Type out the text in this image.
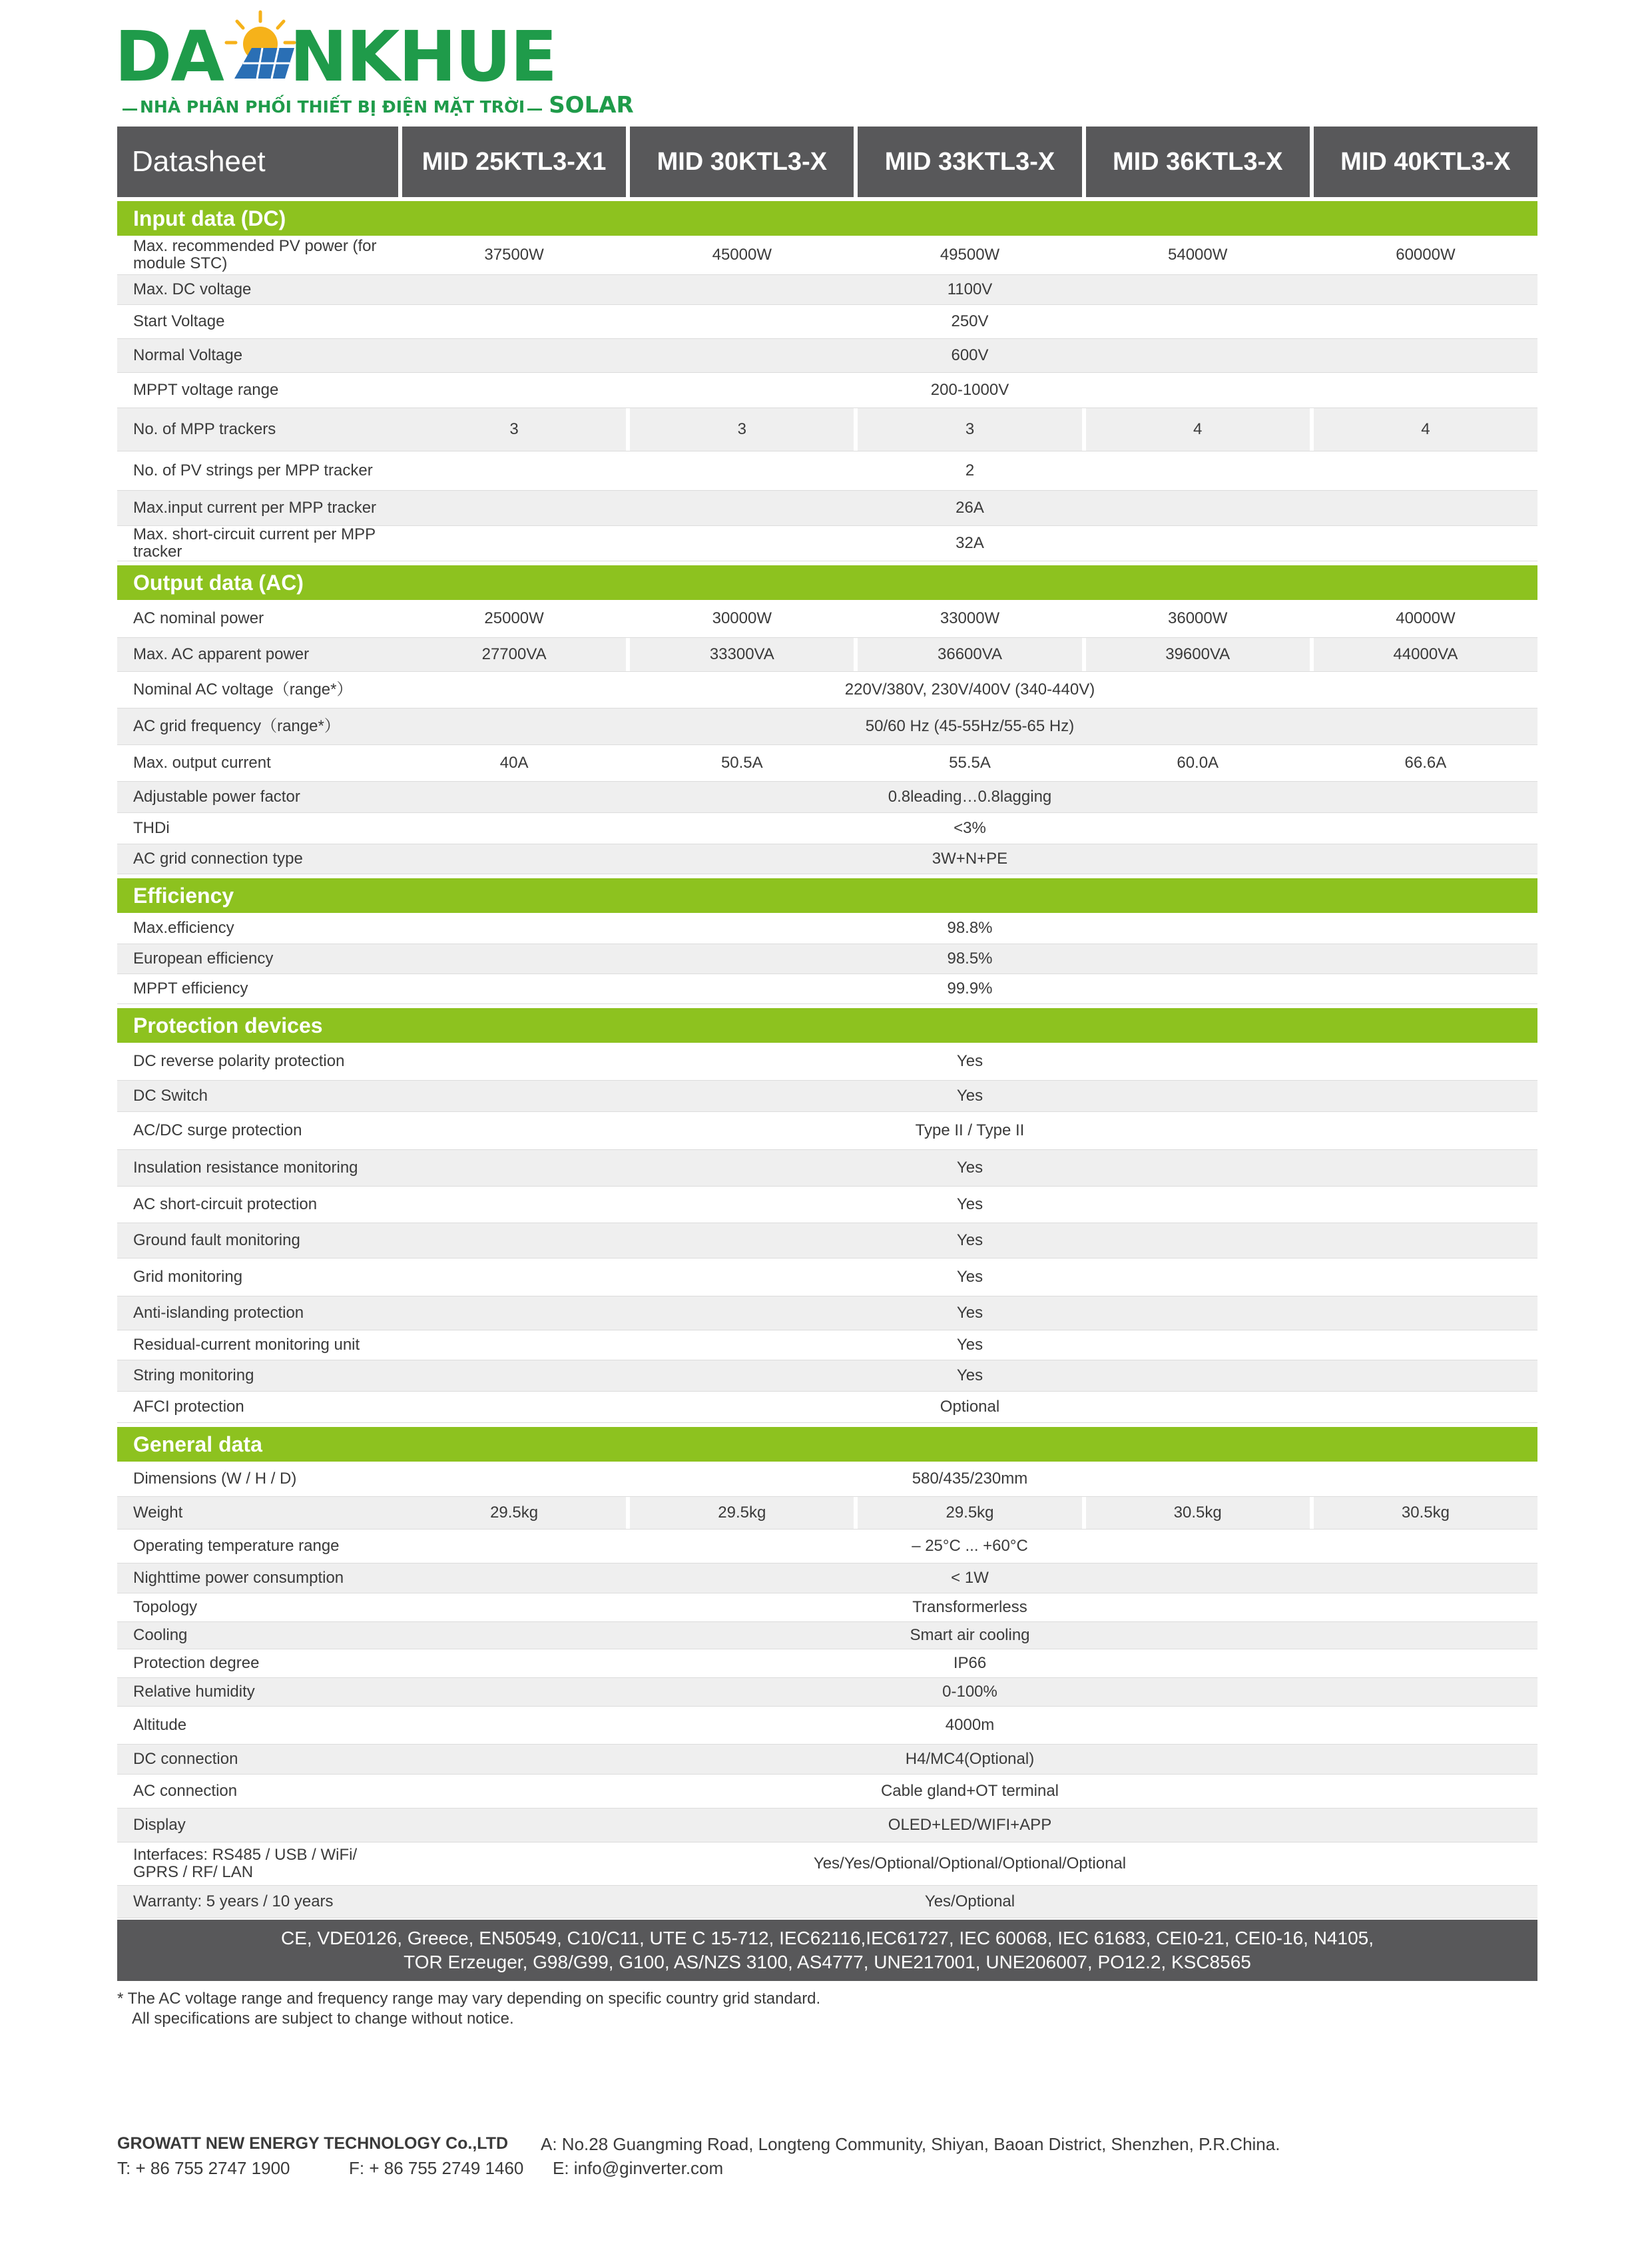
DA NKHUE
NHÀ PHÂN PHỐI THIẾT BỊ ĐIỆN MẶT TRỜI SOLAR
Datasheet	MID 25KTL3-X1	MID 30KTL3-X	MID 33KTL3-X	MID 36KTL3-X	MID 40KTL3-X
Input data (DC)
Max. recommended PV power (for module STC)	37500W	45000W	49500W	54000W	60000W
Max. DC voltage	1100V
Start Voltage	250V
Normal Voltage	600V
MPPT voltage range	200-1000V
No. of MPP trackers	3	3	3	4	4
No. of PV strings per MPP tracker	2
Max.input current per MPP tracker	26A
Max. short-circuit current per MPP tracker	32A
Output data (AC)
AC nominal power	25000W	30000W	33000W	36000W	40000W
Max. AC apparent power	27700VA	33300VA	36600VA	39600VA	44000VA
Nominal AC voltage（range*）	220V/380V, 230V/400V (340-440V)
AC grid frequency（range*）	50/60 Hz (45-55Hz/55-65 Hz)
Max. output current	40A	50.5A	55.5A	60.0A	66.6A
Adjustable power factor	0.8leading…0.8lagging
THDi	<3%
AC grid connection type	3W+N+PE
Efficiency
Max.efficiency	98.8%
European efficiency	98.5%
MPPT efficiency	99.9%
Protection devices
DC reverse polarity protection	Yes
DC Switch	Yes
AC/DC surge protection	Type II / Type II
Insulation resistance monitoring	Yes
AC short-circuit protection	Yes
Ground fault monitoring	Yes
Grid monitoring	Yes
Anti-islanding protection	Yes
Residual-current monitoring unit	Yes
String monitoring	Yes
AFCI protection	Optional
General data
Dimensions (W / H / D)	580/435/230mm
Weight	29.5kg	29.5kg	29.5kg	30.5kg	30.5kg
Operating temperature range	– 25°C ... +60°C
Nighttime power consumption	< 1W
Topology	Transformerless
Cooling	Smart air cooling
Protection degree	IP66
Relative humidity	0-100%
Altitude	4000m
DC connection	H4/MC4(Optional)
AC connection	Cable gland+OT terminal
Display	OLED+LED/WIFI+APP
Interfaces: RS485 / USB / WiFi/ GPRS / RF/ LAN	Yes/Yes/Optional/Optional/Optional/Optional
Warranty: 5 years / 10 years	Yes/Optional
CE, VDE0126, Greece, EN50549, C10/C11, UTE C 15-712, IEC62116,IEC61727, IEC 60068, IEC 61683, CEI0-21, CEI0-16, N4105,
TOR Erzeuger, G98/G99, G100, AS/NZS 3100, AS4777, UNE217001, UNE206007, PO12.2, KSC8565
* The AC voltage range and frequency range may vary depending on specific country grid standard.
All specifications are subject to change without notice.
GROWATT NEW ENERGY TECHNOLOGY Co.,LTD A: No.28 Guangming Road, Longteng Community, Shiyan, Baoan District, Shenzhen, P.R.China.
T: + 86 755 2747 1900	F: + 86 755 2749 1460 E: info@ginverter.com
